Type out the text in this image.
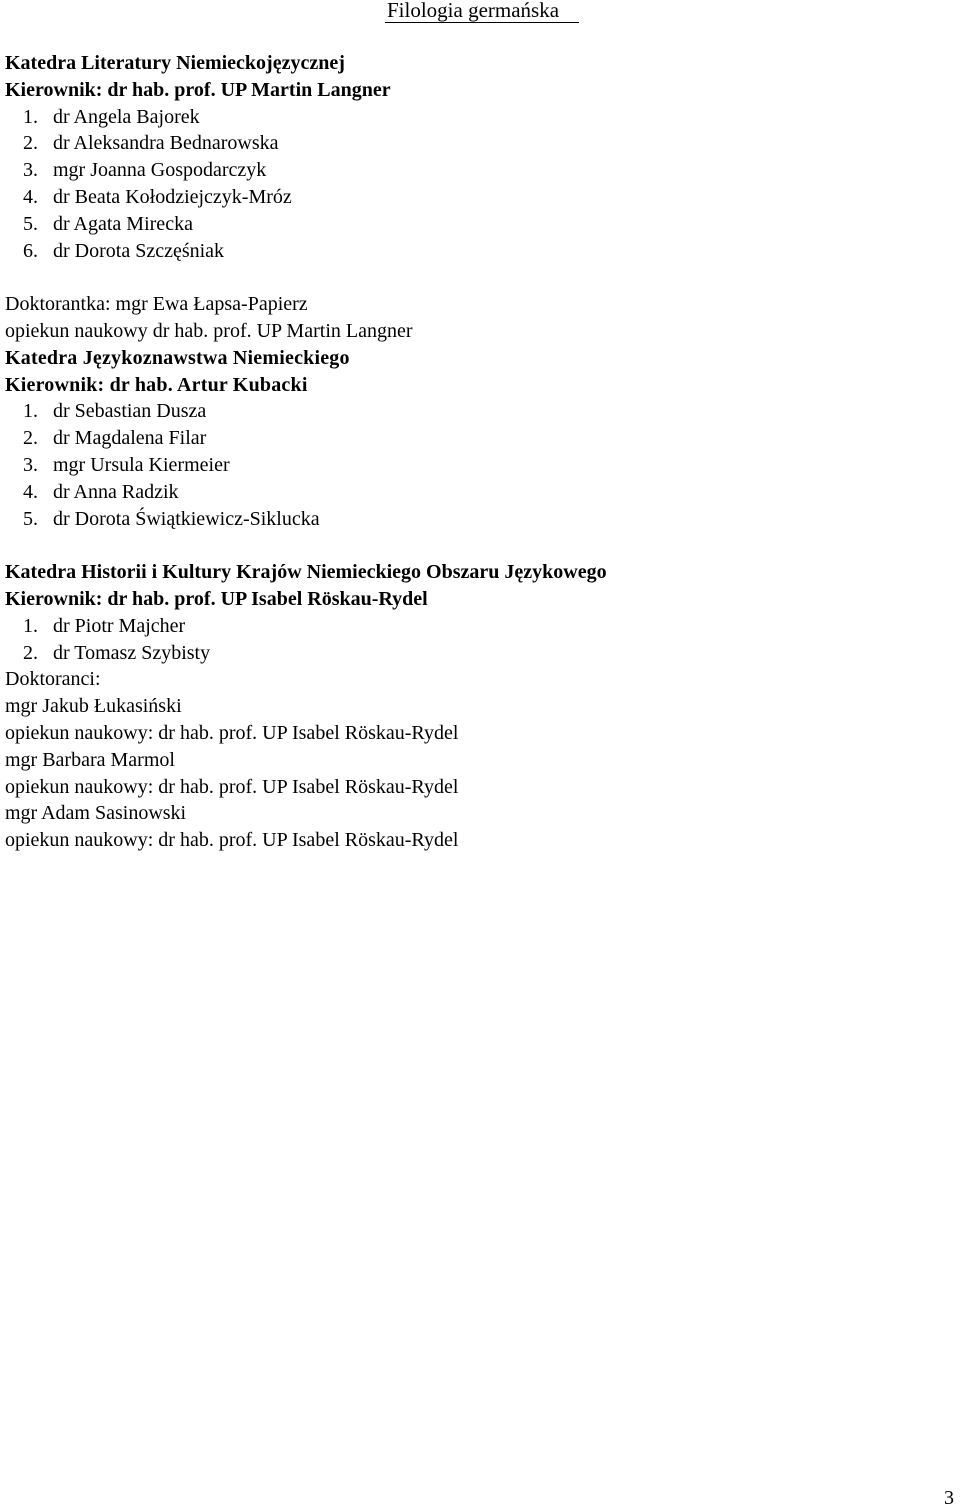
Filologia germańska
Katedra Literatury Niemieckojęzycznej
Kierownik: dr hab. prof. UP Martin Langner
1. dr Angela Bajorek
2. dr Aleksandra Bednarowska
3. mgr Joanna Gospodarczyk
4. dr Beata Kołodziejczyk-Mróz
5. dr Agata Mirecka
6. dr Dorota Szczęśniak
Doktorantka: mgr Ewa Łapsa-Papierz
opiekun naukowy dr hab. prof. UP Martin Langner
Katedra Językoznawstwa Niemieckiego
Kierownik: dr hab. Artur Kubacki
1. dr Sebastian Dusza
2. dr Magdalena Filar
3. mgr Ursula Kiermeier
4. dr Anna Radzik
5. dr Dorota Świątkiewicz-Siklucka
Katedra Historii i Kultury Krajów Niemieckiego Obszaru Językowego
Kierownik: dr hab. prof. UP Isabel Röskau-Rydel
1. dr Piotr Majcher
2. dr Tomasz Szybisty
Doktoranci:
mgr Jakub Łukasiński
opiekun naukowy: dr hab. prof. UP Isabel Röskau-Rydel
mgr Barbara Marmol
opiekun naukowy: dr hab. prof. UP Isabel Röskau-Rydel
mgr Adam Sasinowski
opiekun naukowy: dr hab. prof. UP Isabel Röskau-Rydel
3
